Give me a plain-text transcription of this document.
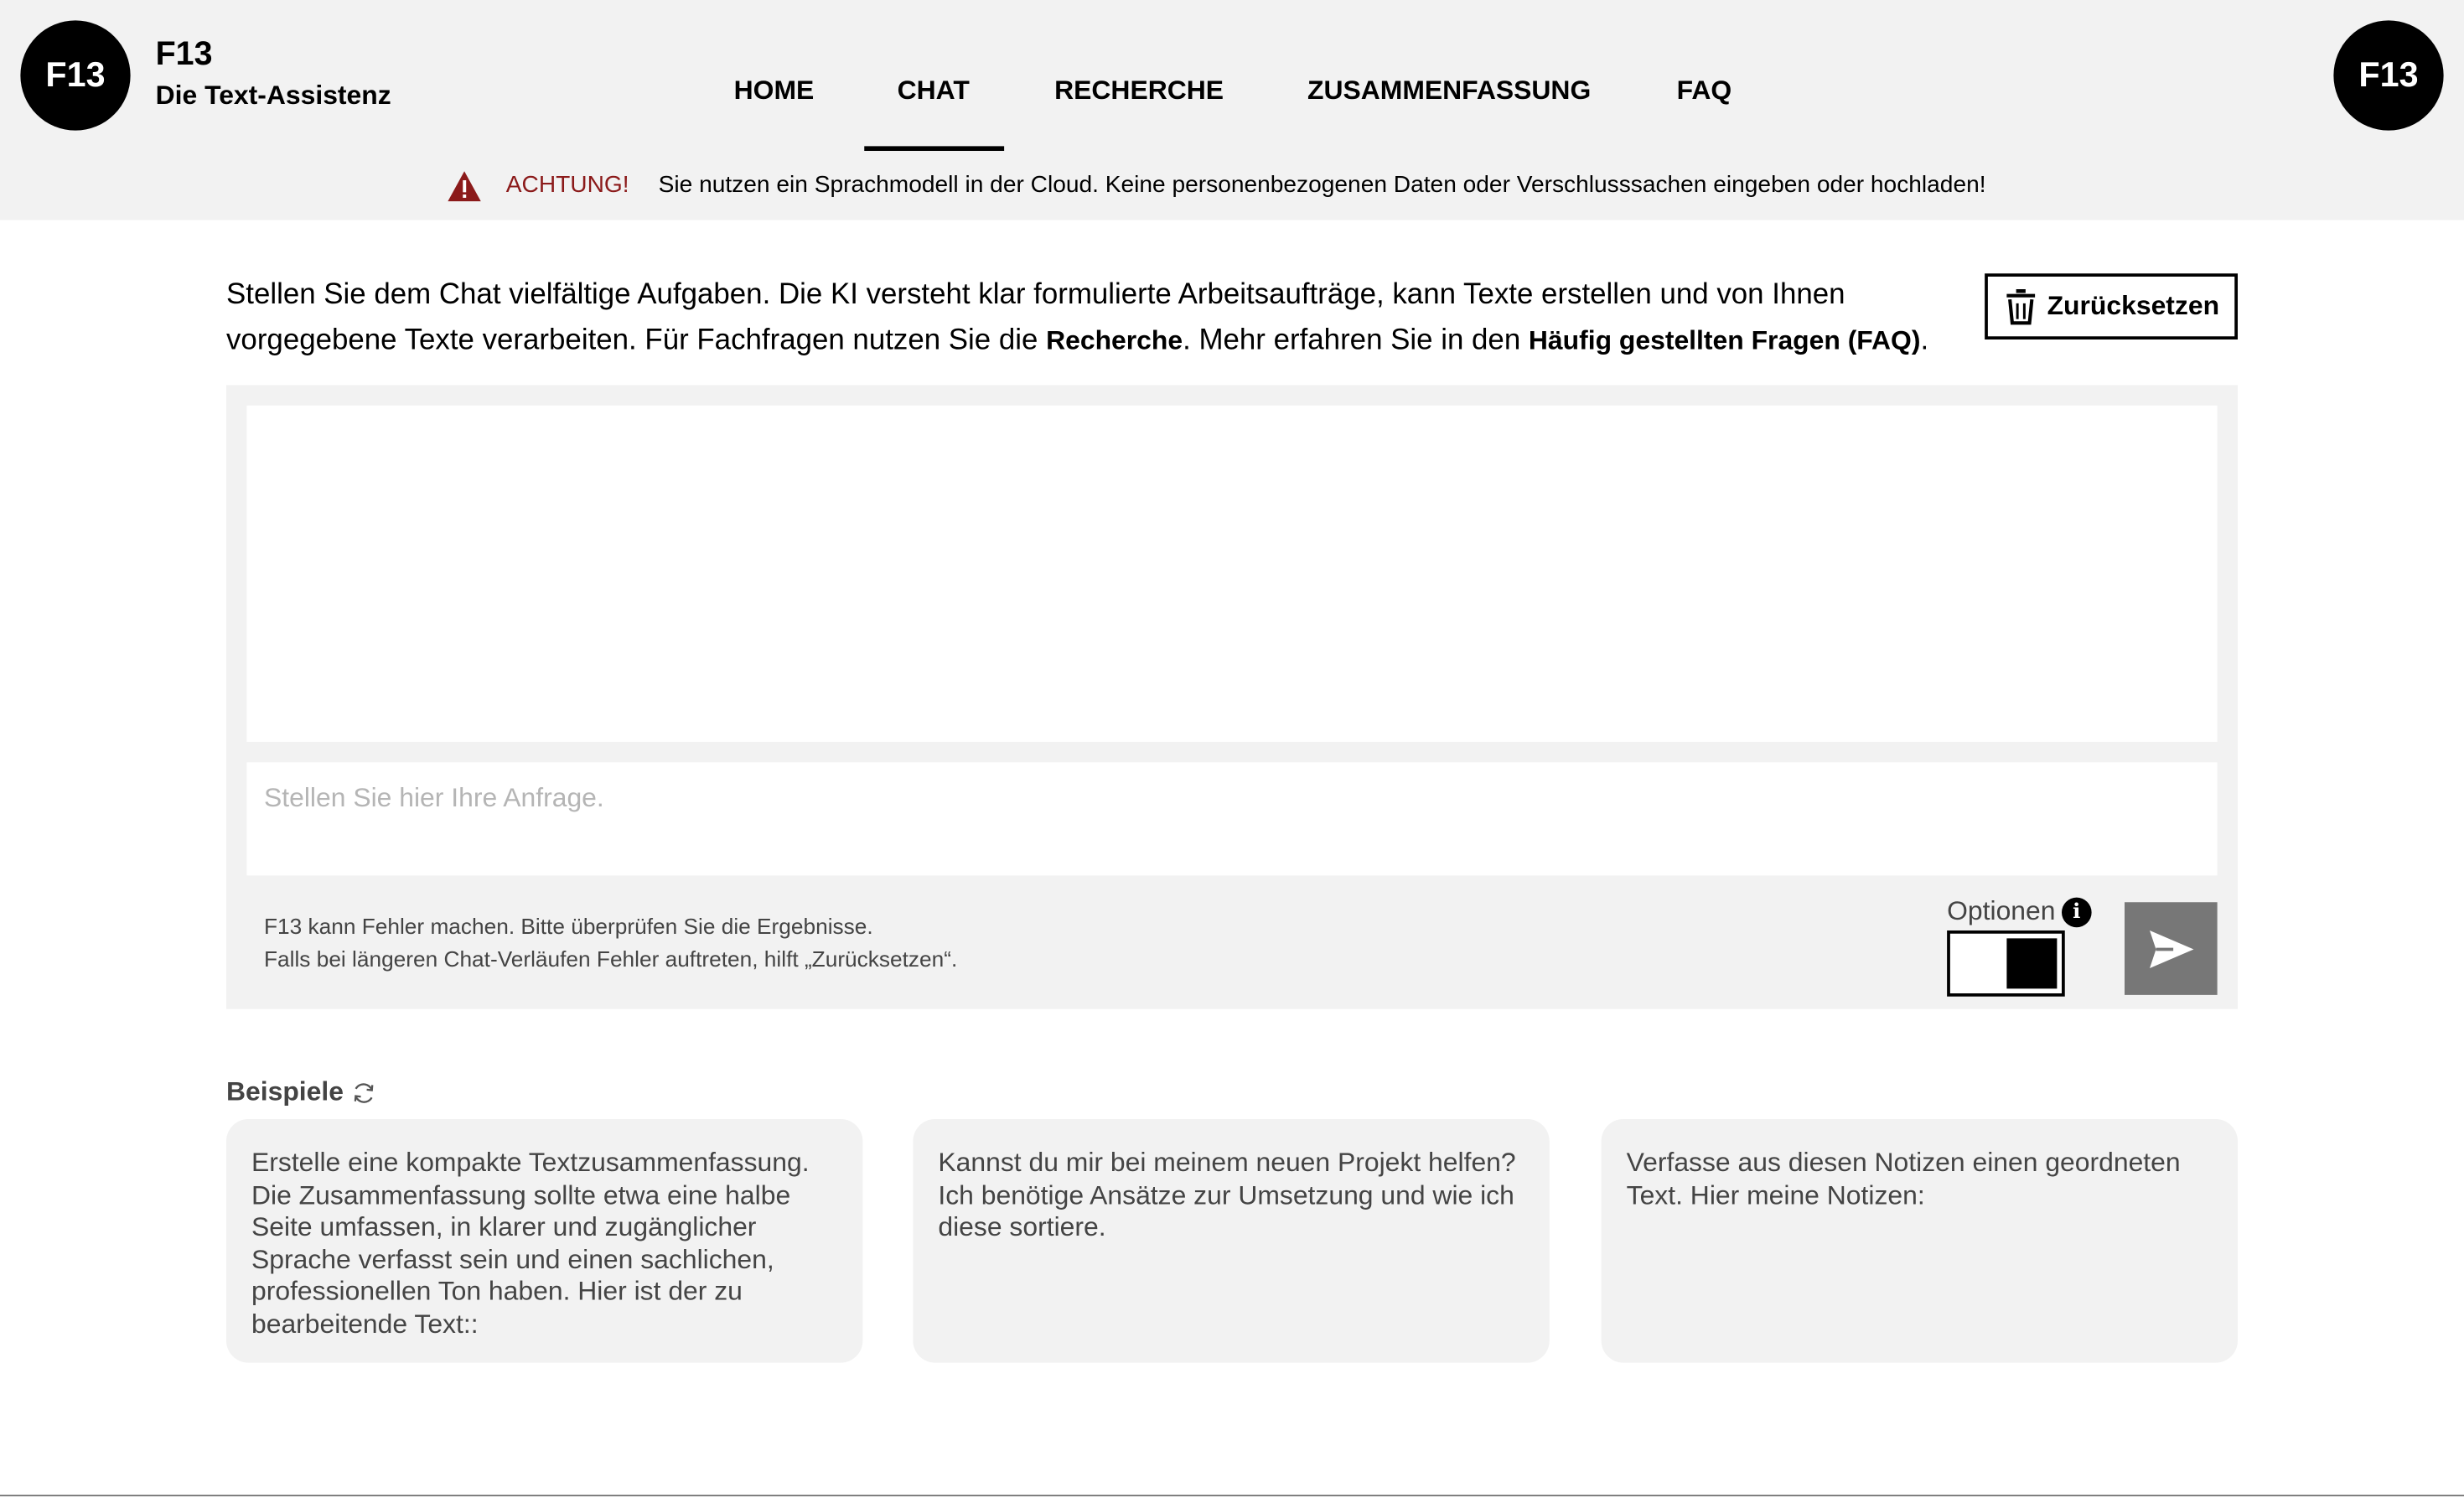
F13
F13
Die Text-Assistenz	HOME	CHAT	RECHERCHE	ZUSAMMENFASSUNG	FAQ	F13
ACHTUNG! Sie nutzen ein Sprachmodell in der Cloud. Keine personenbezogenen Daten oder Verschlusssachen eingeben oder hochladen!
Stellen Sie dem Chat vielfältige Aufgaben. Die KI versteht klar formulierte Arbeitsaufträge, kann Texte erstellen und von Ihnen vorgegebene Texte verarbeiten. Für Fachfragen nutzen Sie die Recherche. Mehr erfahren Sie in den Häufig gestellten Fragen (FAQ).
Zurücksetzen
Stellen Sie hier Ihre Anfrage.
F13 kann Fehler machen. Bitte überprüfen Sie die Ergebnisse.
Falls bei längeren Chat-Verläufen Fehler auftreten, hilft „Zurücksetzen“.
Optionen	i
Beispiele
Erstelle eine kompakte Textzusammenfassung. Die Zusammenfassung sollte etwa eine halbe Seite umfassen, in klarer und zugänglicher Sprache verfasst sein und einen sachlichen, professionellen Ton haben. Hier ist der zu bearbeitende Text::
Kannst du mir bei meinem neuen Projekt helfen? Ich benötige Ansätze zur Umsetzung und wie ich diese sortiere.
Verfasse aus diesen Notizen einen geordneten Text. Hier meine Notizen:
